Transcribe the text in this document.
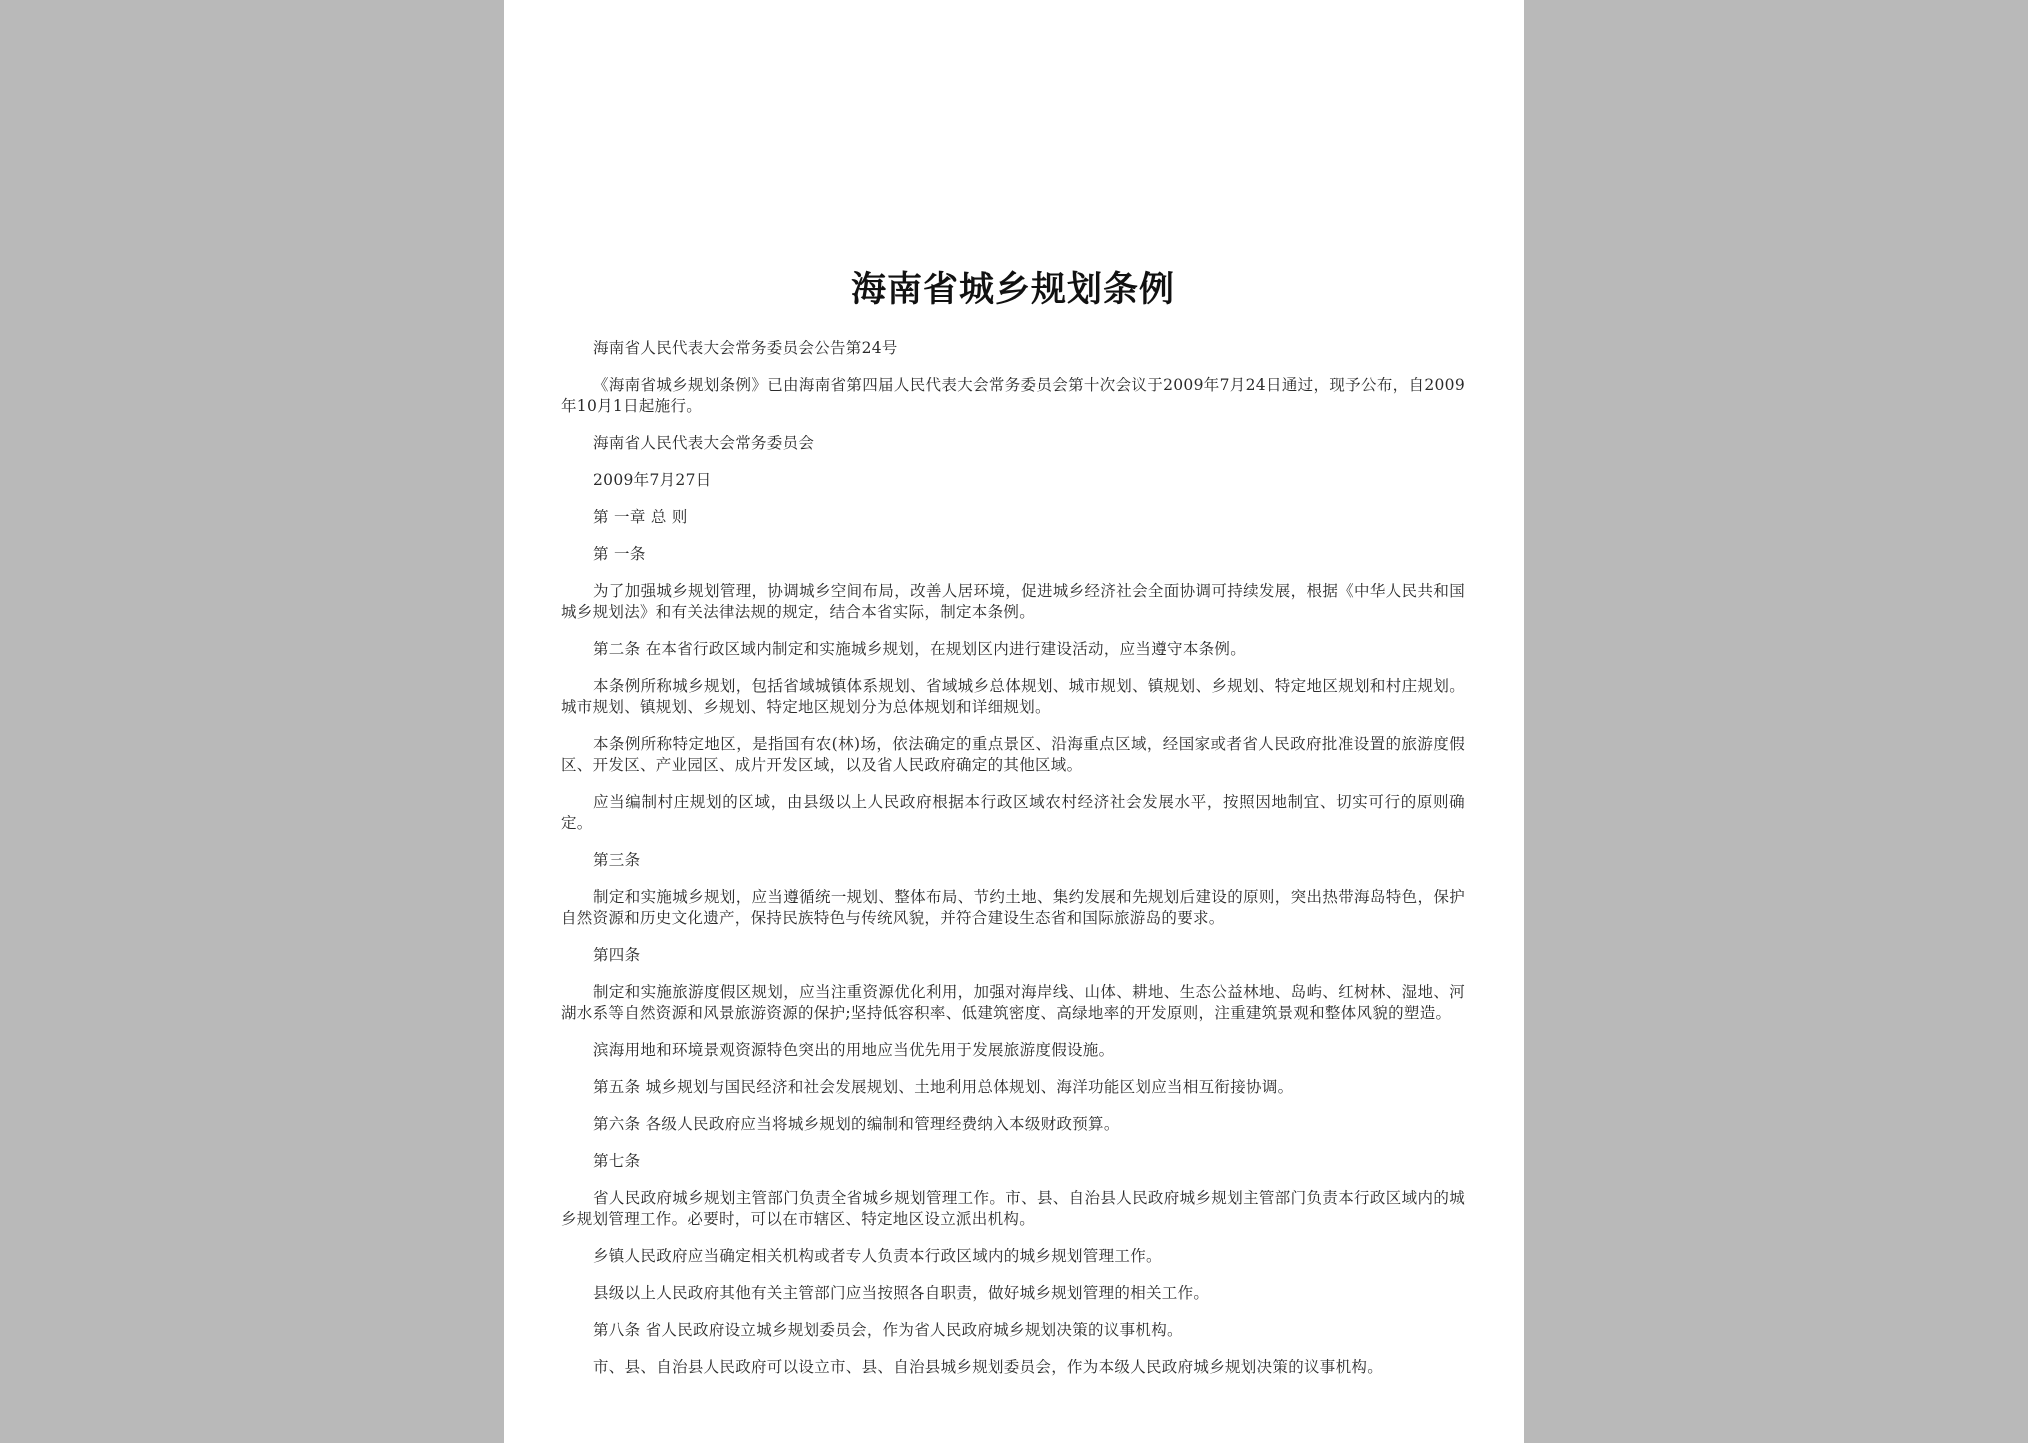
海南省城乡规划条例

海南省人民代表大会常务委员会公告第24号

《海南省城乡规划条例》已由海南省第四届人民代表大会常务委员会第十次会议于2009年7月24日通过，现予公布，自2009年10月1日起施行。

海南省人民代表大会常务委员会

2009年7月27日

第 一章 总 则

第 一条

为了加强城乡规划管理，协调城乡空间布局，改善人居环境，促进城乡经济社会全面协调可持续发展，根据《中华人民共和国城乡规划法》和有关法律法规的规定，结合本省实际，制定本条例。

第二条 在本省行政区域内制定和实施城乡规划，在规划区内进行建设活动，应当遵守本条例。

本条例所称城乡规划，包括省域城镇体系规划、省域城乡总体规划、城市规划、镇规划、乡规划、特定地区规划和村庄规划。城市规划、镇规划、乡规划、特定地区规划分为总体规划和详细规划。

本条例所称特定地区，是指国有农(林)场，依法确定的重点景区、沿海重点区域，经国家或者省人民政府批准设置的旅游度假区、开发区、产业园区、成片开发区域，以及省人民政府确定的其他区域。

应当编制村庄规划的区域，由县级以上人民政府根据本行政区域农村经济社会发展水平，按照因地制宜、切实可行的原则确定。

第三条

制定和实施城乡规划，应当遵循统一规划、整体布局、节约土地、集约发展和先规划后建设的原则，突出热带海岛特色，保护自然资源和历史文化遗产，保持民族特色与传统风貌，并符合建设生态省和国际旅游岛的要求。

第四条

制定和实施旅游度假区规划，应当注重资源优化利用，加强对海岸线、山体、耕地、生态公益林地、岛屿、红树林、湿地、河湖水系等自然资源和风景旅游资源的保护;坚持低容积率、低建筑密度、高绿地率的开发原则，注重建筑景观和整体风貌的塑造。

滨海用地和环境景观资源特色突出的用地应当优先用于发展旅游度假设施。

第五条 城乡规划与国民经济和社会发展规划、土地利用总体规划、海洋功能区划应当相互衔接协调。

第六条 各级人民政府应当将城乡规划的编制和管理经费纳入本级财政预算。

第七条

省人民政府城乡规划主管部门负责全省城乡规划管理工作。市、县、自治县人民政府城乡规划主管部门负责本行政区域内的城乡规划管理工作。必要时，可以在市辖区、特定地区设立派出机构。

乡镇人民政府应当确定相关机构或者专人负责本行政区域内的城乡规划管理工作。

县级以上人民政府其他有关主管部门应当按照各自职责，做好城乡规划管理的相关工作。

第八条 省人民政府设立城乡规划委员会，作为省人民政府城乡规划决策的议事机构。

市、县、自治县人民政府可以设立市、县、自治县城乡规划委员会，作为本级人民政府城乡规划决策的议事机构。
